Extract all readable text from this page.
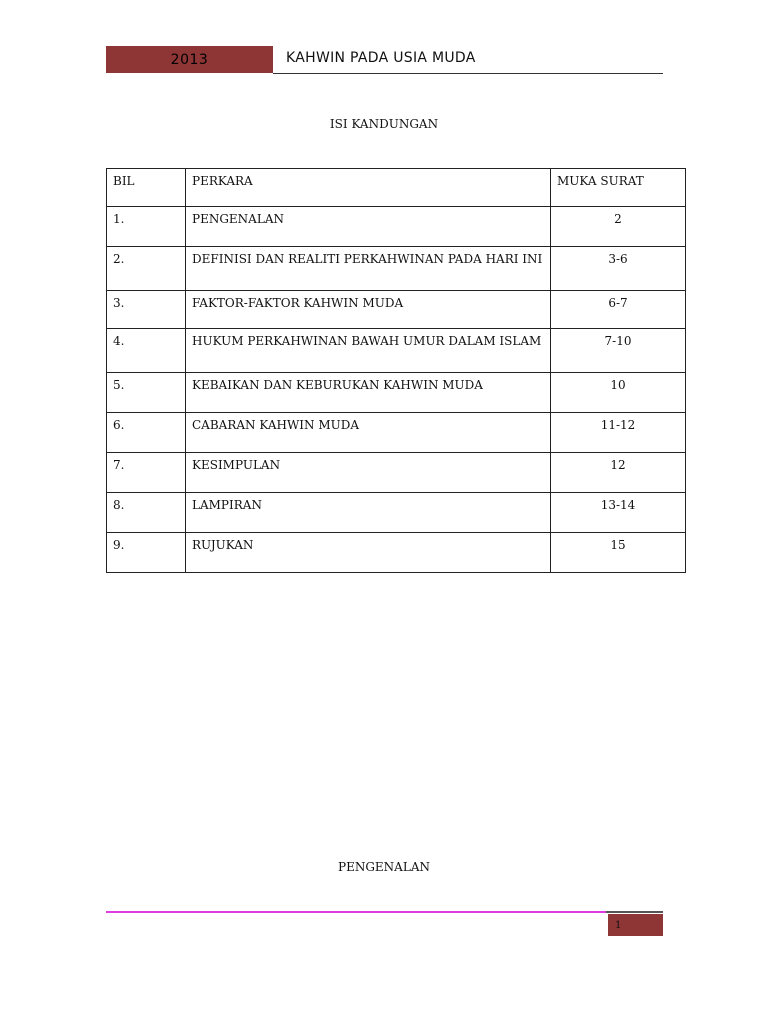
2013	KAHWIN PADA USIA MUDA
ISI KANDUNGAN
BIL	PERKARA	MUKA SURAT
1.	PENGENALAN	2
2.	DEFINISI DAN REALITI PERKAHWINAN PADA HARI INI	3-6
3.	FAKTOR-FAKTOR KAHWIN MUDA	6-7
4.	HUKUM PERKAHWINAN BAWAH UMUR DALAM ISLAM	7-10
5.	KEBAIKAN DAN KEBURUKAN KAHWIN MUDA	10
6.	CABARAN KAHWIN MUDA	11-12
7.	KESIMPULAN	12
8.	LAMPIRAN	13-14
9.	RUJUKAN	15
PENGENALAN
1
